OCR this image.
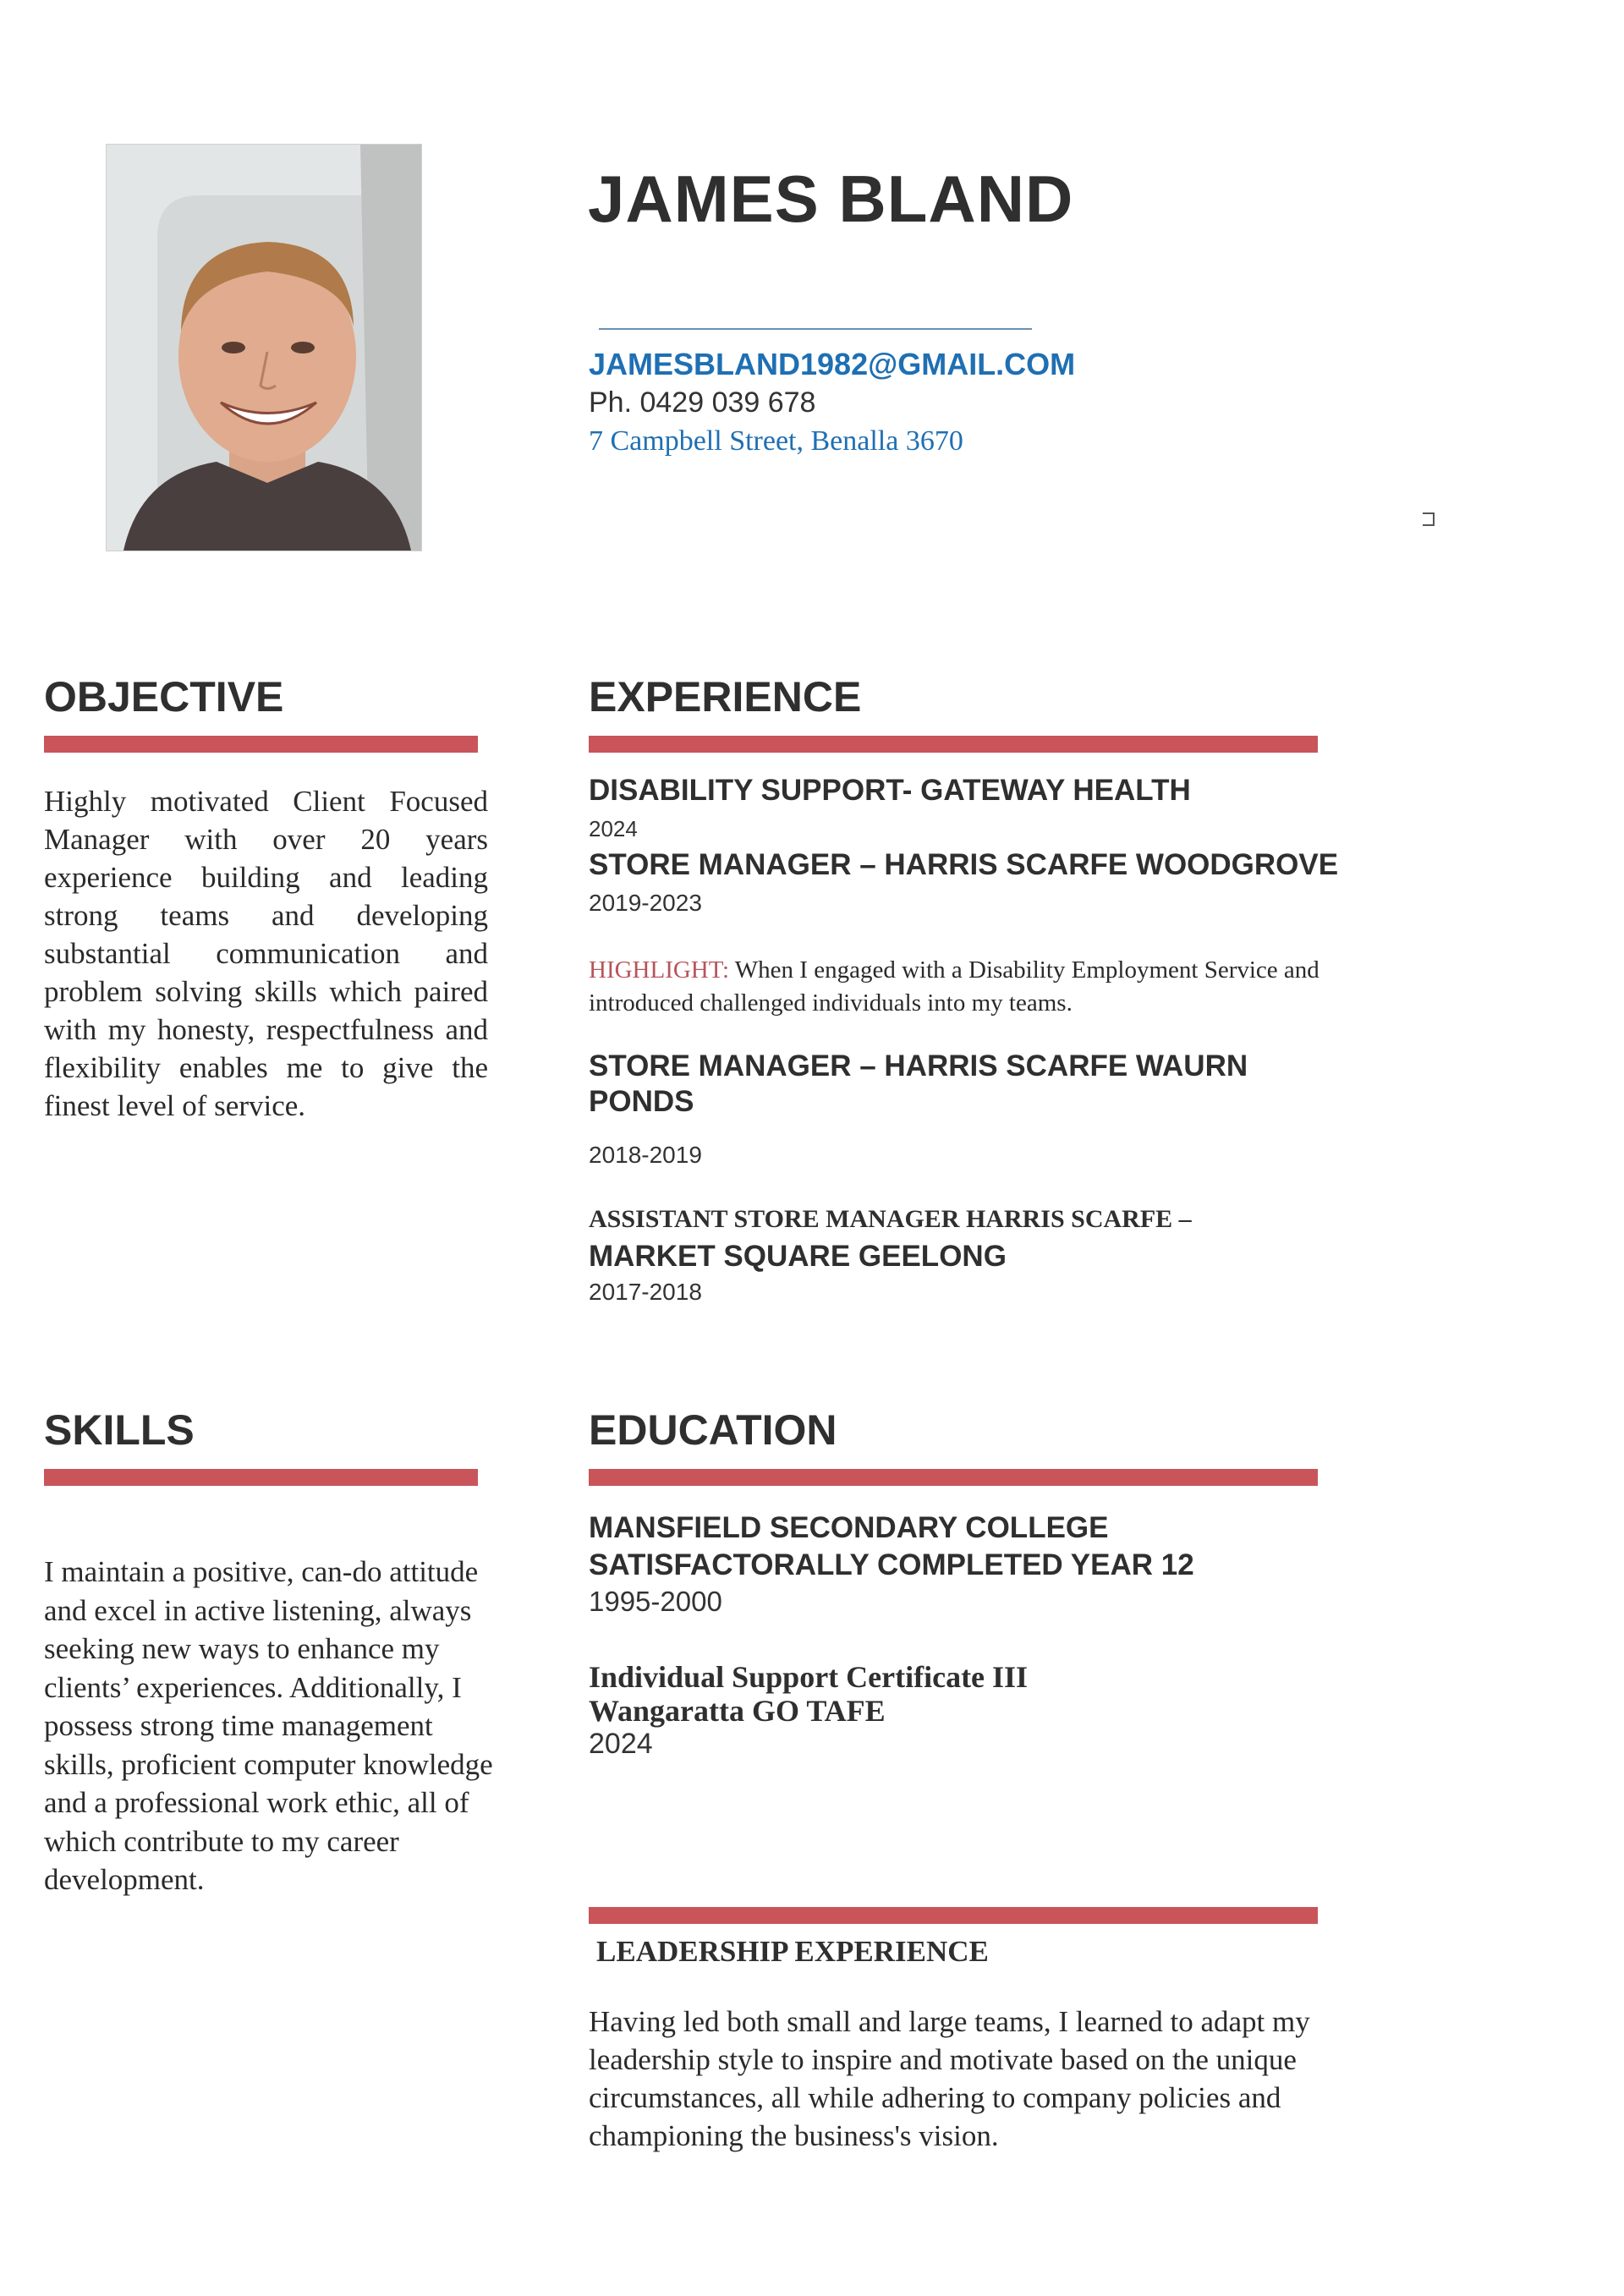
JAMES BLAND
JAMESBLAND1982@GMAIL.COM
Ph. 0429 039 678
7 Campbell Street, Benalla 3670
OBJECTIVE
Highly motivated Client Focused Manager with over 20 years experience building and leading strong teams and developing substantial communication and problem solving skills which paired with my honesty, respectfulness and flexibility enables me to give the finest level of service.
EXPERIENCE
DISABILITY SUPPORT- GATEWAY HEALTH
2024
STORE MANAGER – HARRIS SCARFE WOODGROVE
2019-2023
HIGHLIGHT: When I engaged with a Disability Employment Service and introduced challenged individuals into my teams.
STORE MANAGER – HARRIS SCARFE WAURN PONDS
2018-2019
ASSISTANT STORE MANAGER HARRIS SCARFE –
MARKET SQUARE GEELONG
2017-2018
SKILLS
I maintain a positive, can-do attitude and excel in active listening, always seeking new ways to enhance my clients’ experiences. Additionally, I possess strong time management skills, proficient computer knowledge and a professional work ethic, all of which contribute to my career development.
EDUCATION
MANSFIELD SECONDARY COLLEGE
SATISFACTORALLY COMPLETED YEAR 12
1995-2000
Individual Support Certificate III
Wangaratta GO TAFE
2024
LEADERSHIP EXPERIENCE
Having led both small and large teams, I learned to adapt my leadership style to inspire and motivate based on the unique circumstances, all while adhering to company policies and championing the business's vision.
